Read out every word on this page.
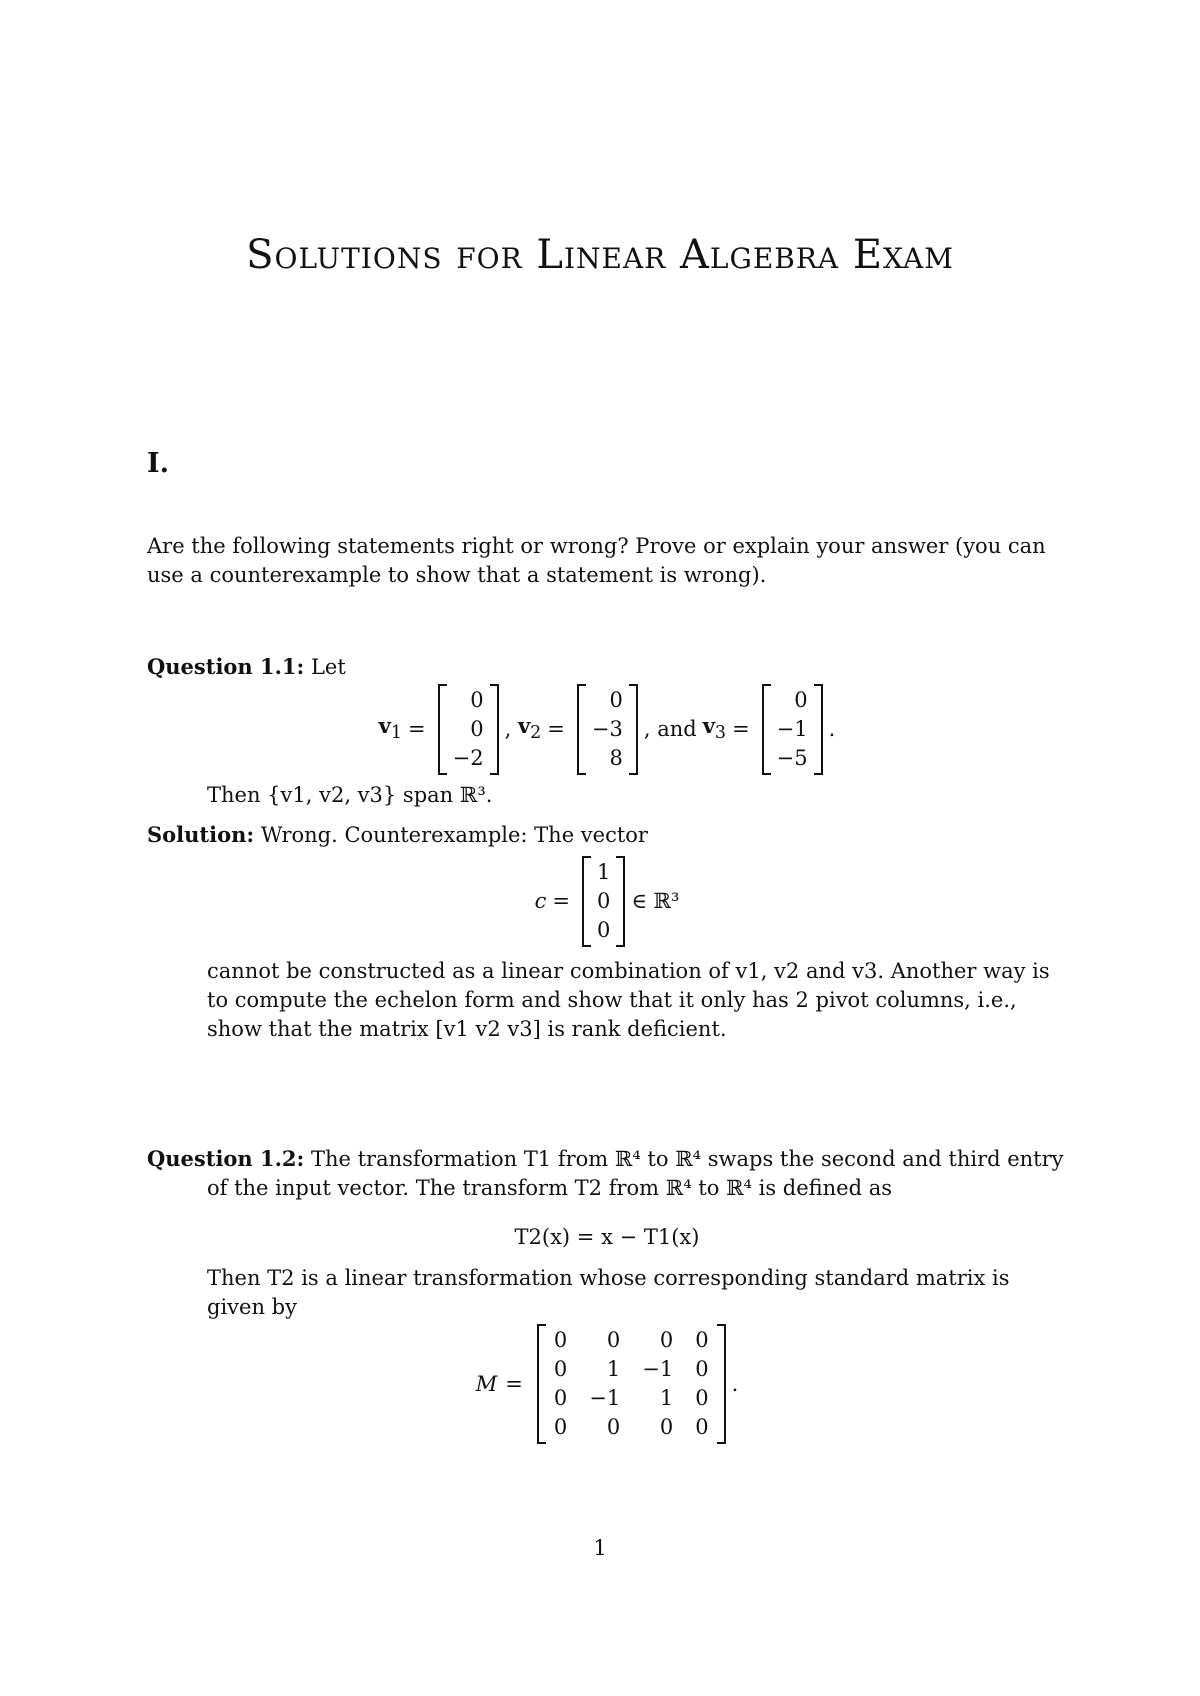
Solutions for Linear Algebra Exam
I.
Are the following statements right or wrong? Prove or explain your answer (you can use a counterexample to show that a statement is wrong).
Question 1.1: Let
$v_1$ =
0
0
−2
, $v_2$ =
0
−3
8
, and $v_3$ =
0
−1
−5
.
Then {v1, v2, v3} span ℝ³.
Solution: Wrong. Counterexample: The vector
c =
1
0
0
∈ ℝ³
cannot be constructed as a linear combination of v1, v2 and v3. Another way is to compute the echelon form and show that it only has 2 pivot columns, i.e., show that the matrix [v1 v2 v3] is rank deficient.
Question 1.2: The transformation T1 from ℝ⁴ to ℝ⁴ swaps the second and third entry of the input vector. The transform T2 from ℝ⁴ to ℝ⁴ is defined as
T2(x) = x − T1(x)
Then T2 is a linear transformation whose corresponding standard matrix is given by
M =
0	0	0 0
0	1 −1 0
0 −1	1 0
0	0	0 0
.
1
